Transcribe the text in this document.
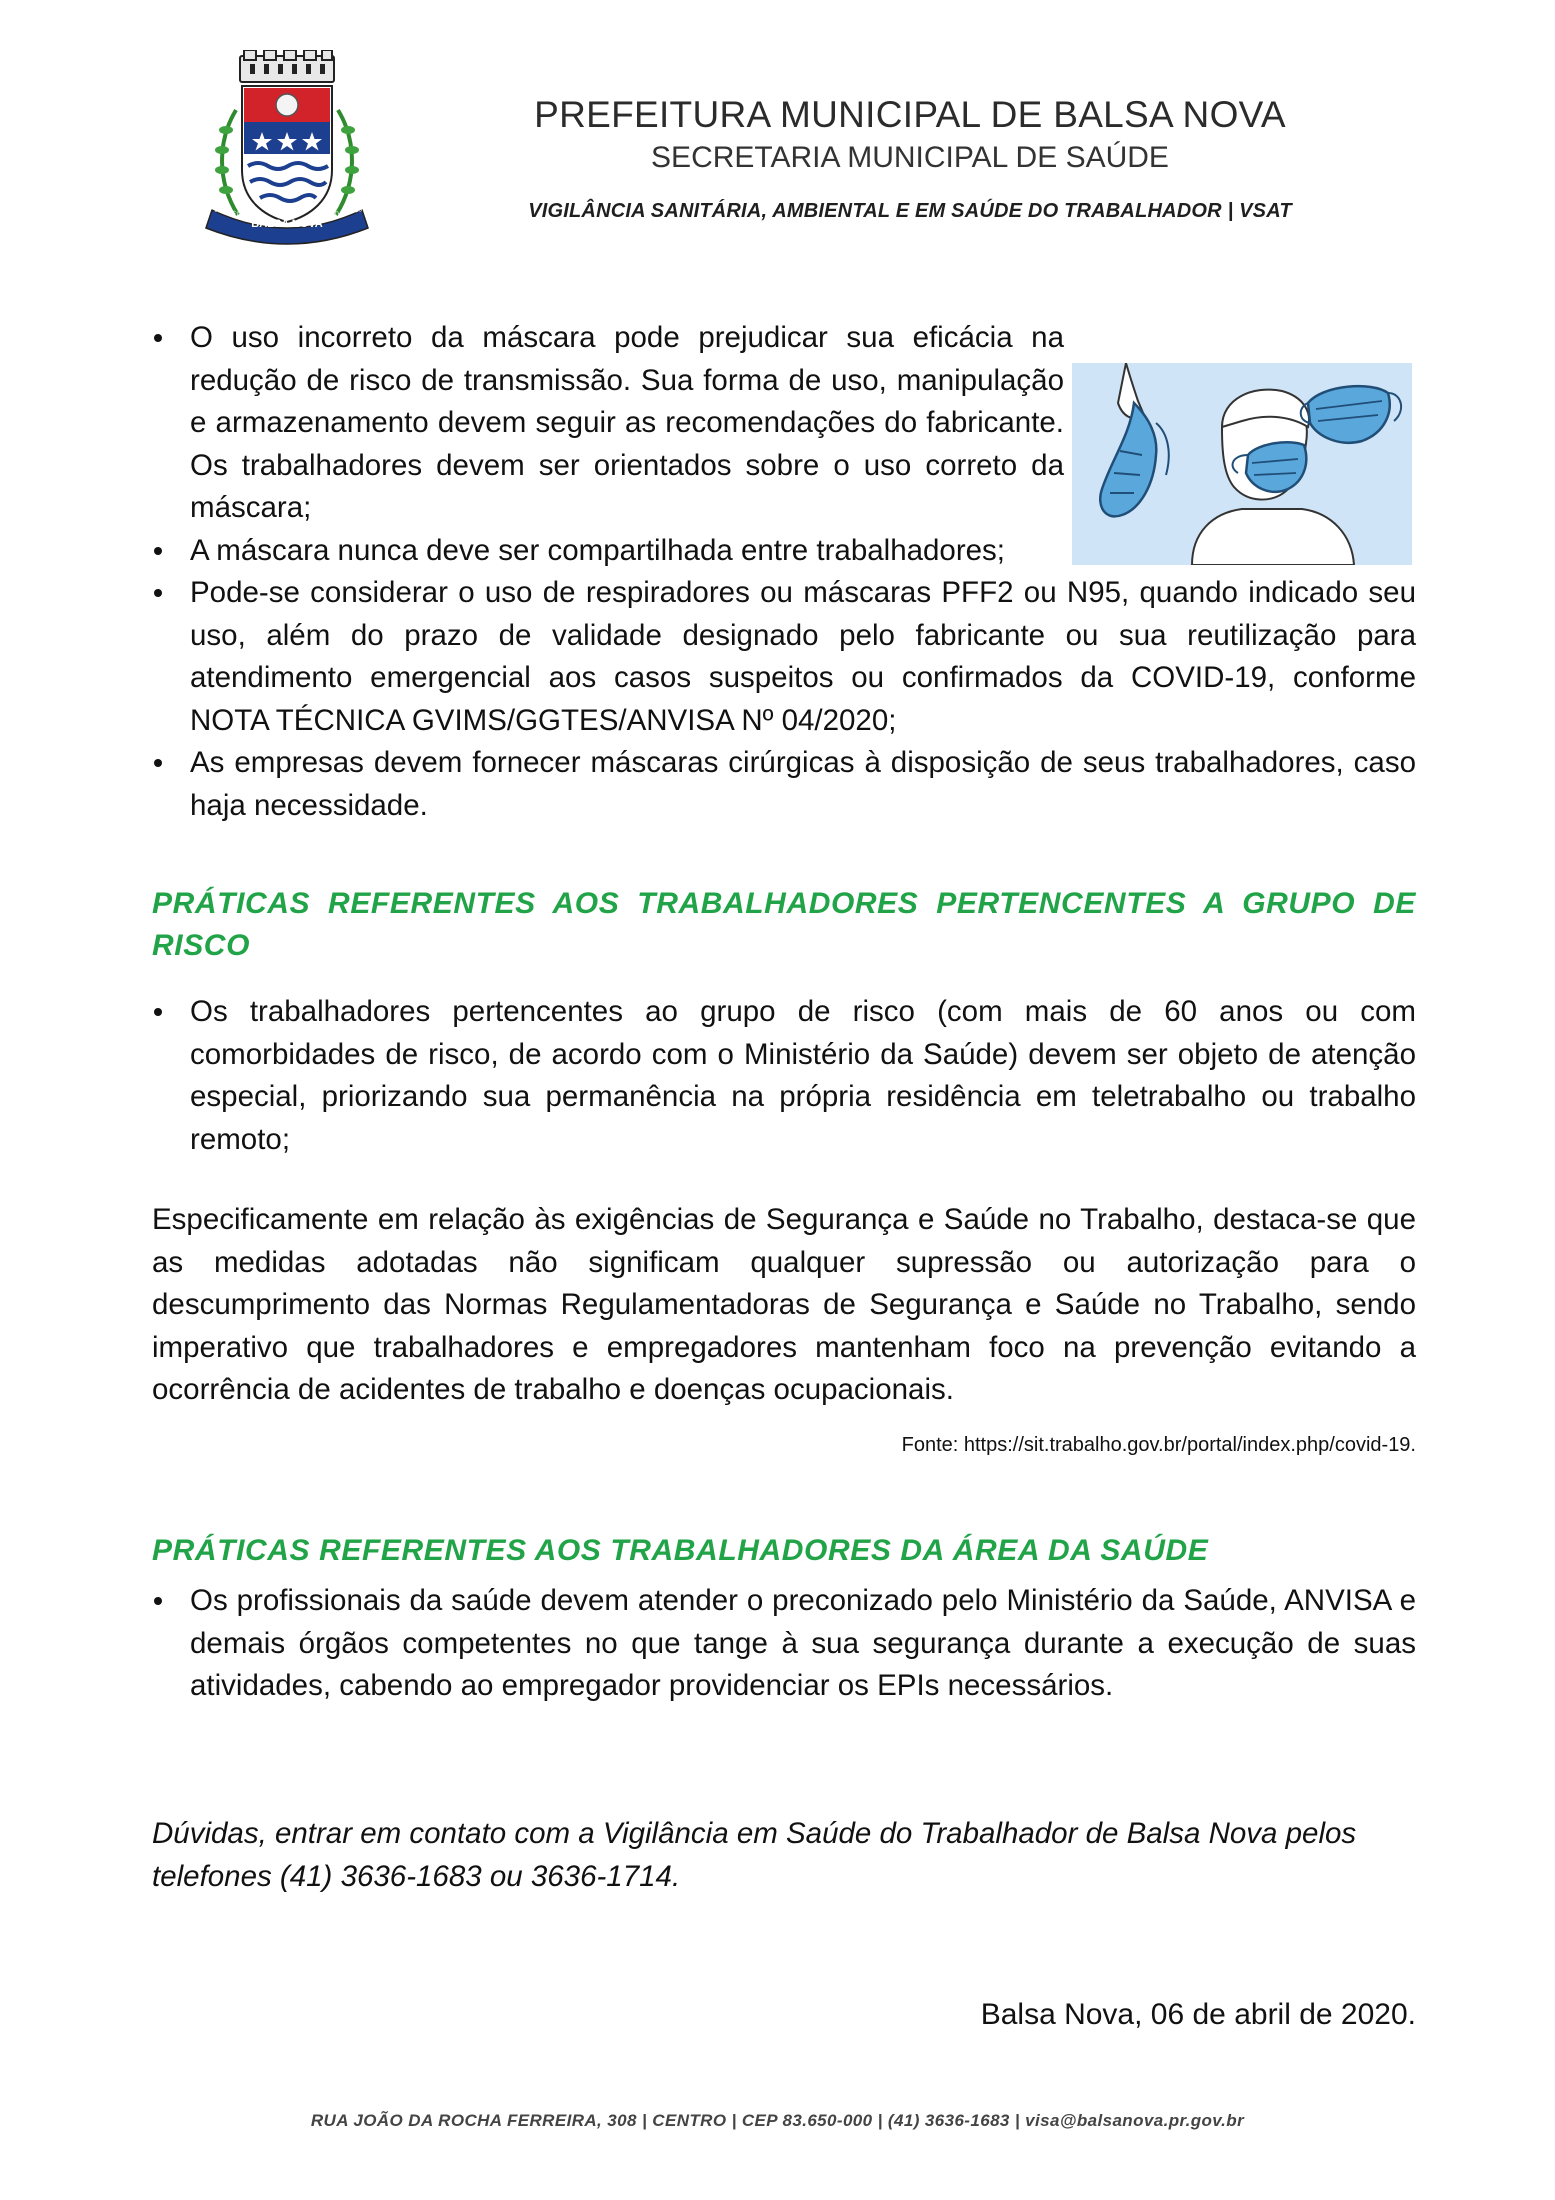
BALSA NOVA
30-01-1961	04-11-1961
PREFEITURA MUNICIPAL DE BALSA NOVA
SECRETARIA MUNICIPAL DE SAÚDE
VIGILÂNCIA SANITÁRIA, AMBIENTAL E EM SAÚDE DO TRABALHADOR | VSAT
O uso incorreto da máscara pode prejudicar sua eficácia na redução de risco de transmissão. Sua forma de uso, manipulação e armazenamento devem seguir as recomendações do fabricante. Os trabalhadores devem ser orientados sobre o uso correto da máscara;
A máscara nunca deve ser compartilhada entre trabalhadores;
Pode-se considerar o uso de respiradores ou máscaras PFF2 ou N95, quando indicado seu uso, além do prazo de validade designado pelo fabricante ou sua reutilização para atendimento emergencial aos casos suspeitos ou confirmados da COVID-19, conforme NOTA TÉCNICA GVIMS/GGTES/ANVISA Nº 04/2020;
As empresas devem fornecer máscaras cirúrgicas à disposição de seus trabalhadores, caso haja necessidade.
PRÁTICAS REFERENTES AOS TRABALHADORES PERTENCENTES A GRUPO DE RISCO
Os trabalhadores pertencentes ao grupo de risco (com mais de 60 anos ou com comorbidades de risco, de acordo com o Ministério da Saúde) devem ser objeto de atenção especial, priorizando sua permanência na própria residência em teletrabalho ou trabalho remoto;
Especificamente em relação às exigências de Segurança e Saúde no Trabalho, destaca-se que as medidas adotadas não significam qualquer supressão ou autorização para o descumprimento das Normas Regulamentadoras de Segurança e Saúde no Trabalho, sendo imperativo que trabalhadores e empregadores mantenham foco na prevenção evitando a ocorrência de acidentes de trabalho e doenças ocupacionais.
Fonte: https://sit.trabalho.gov.br/portal/index.php/covid-19.
PRÁTICAS REFERENTES AOS TRABALHADORES DA ÁREA DA SAÚDE
Os profissionais da saúde devem atender o preconizado pelo Ministério da Saúde, ANVISA e demais órgãos competentes no que tange à sua segurança durante a execução de suas atividades, cabendo ao empregador providenciar os EPIs necessários.
Dúvidas, entrar em contato com a Vigilância em Saúde do Trabalhador de Balsa Nova pelos telefones (41) 3636-1683 ou 3636-1714.
Balsa Nova, 06 de abril de 2020.
RUA JOÃO DA ROCHA FERREIRA, 308 | CENTRO | CEP 83.650-000 | (41) 3636-1683 | visa@balsanova.pr.gov.br
